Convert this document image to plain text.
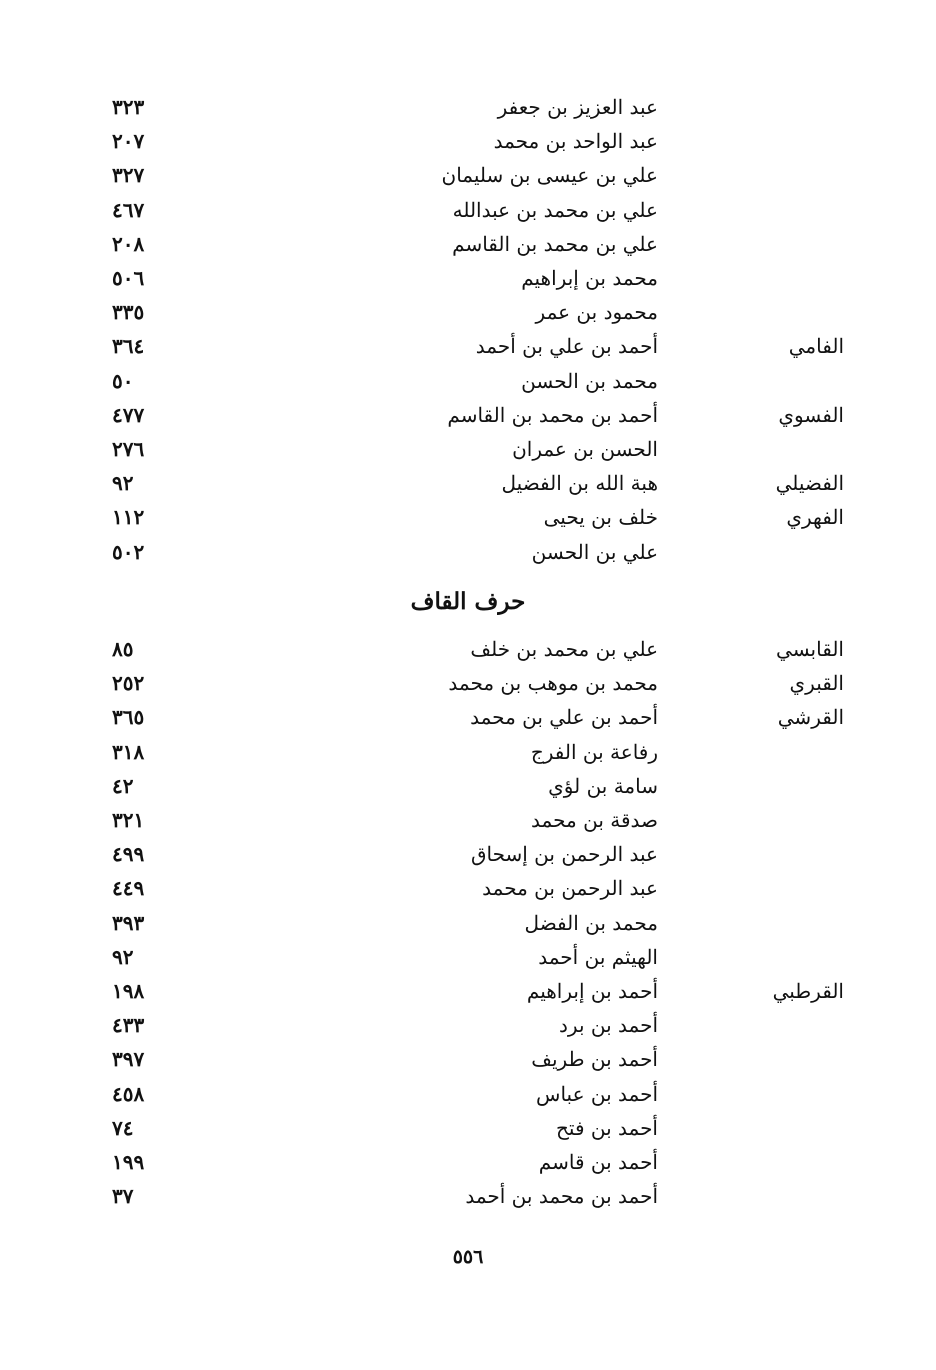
عبد العزيز بن جعفر
٣٢٣
عبد الواحد بن محمد
٢٠٧
علي بن عيسى بن سليمان
٣٢٧
علي بن محمد بن عبدالله
٤٦٧
علي بن محمد بن القاسم
٢٠٨
محمد بن إبراهيم
٥٠٦
محمود بن عمر
٣٣٥
الفامي
أحمد بن علي بن أحمد
٣٦٤
محمد بن الحسن
٥٠
الفسوي
أحمد بن محمد بن القاسم
٤٧٧
الحسن بن عمران
٢٧٦
الفضيلي
هبة الله بن الفضيل
٩٢
الفهري
خلف بن يحيى
١١٢
علي بن الحسن
٥٠٢
حرف القاف
القابسي
علي بن محمد بن خلف
٨٥
القبري
محمد بن موهب بن محمد
٢٥٢
القرشي
أحمد بن علي بن محمد
٣٦٥
رفاعة بن الفرج
٣١٨
سامة بن لؤي
٤٢
صدقة بن محمد
٣٢١
عبد الرحمن بن إسحاق
٤٩٩
عبد الرحمن بن محمد
٤٤٩
محمد بن الفضل
٣٩٣
الهيثم بن أحمد
٩٢
القرطبي
أحمد بن إبراهيم
١٩٨
أحمد بن برد
٤٣٣
أحمد بن طريف
٣٩٧
أحمد بن عباس
٤٥٨
أحمد بن فتح
٧٤
أحمد بن قاسم
١٩٩
أحمد بن محمد بن أحمد
٣٧
٥٥٦
